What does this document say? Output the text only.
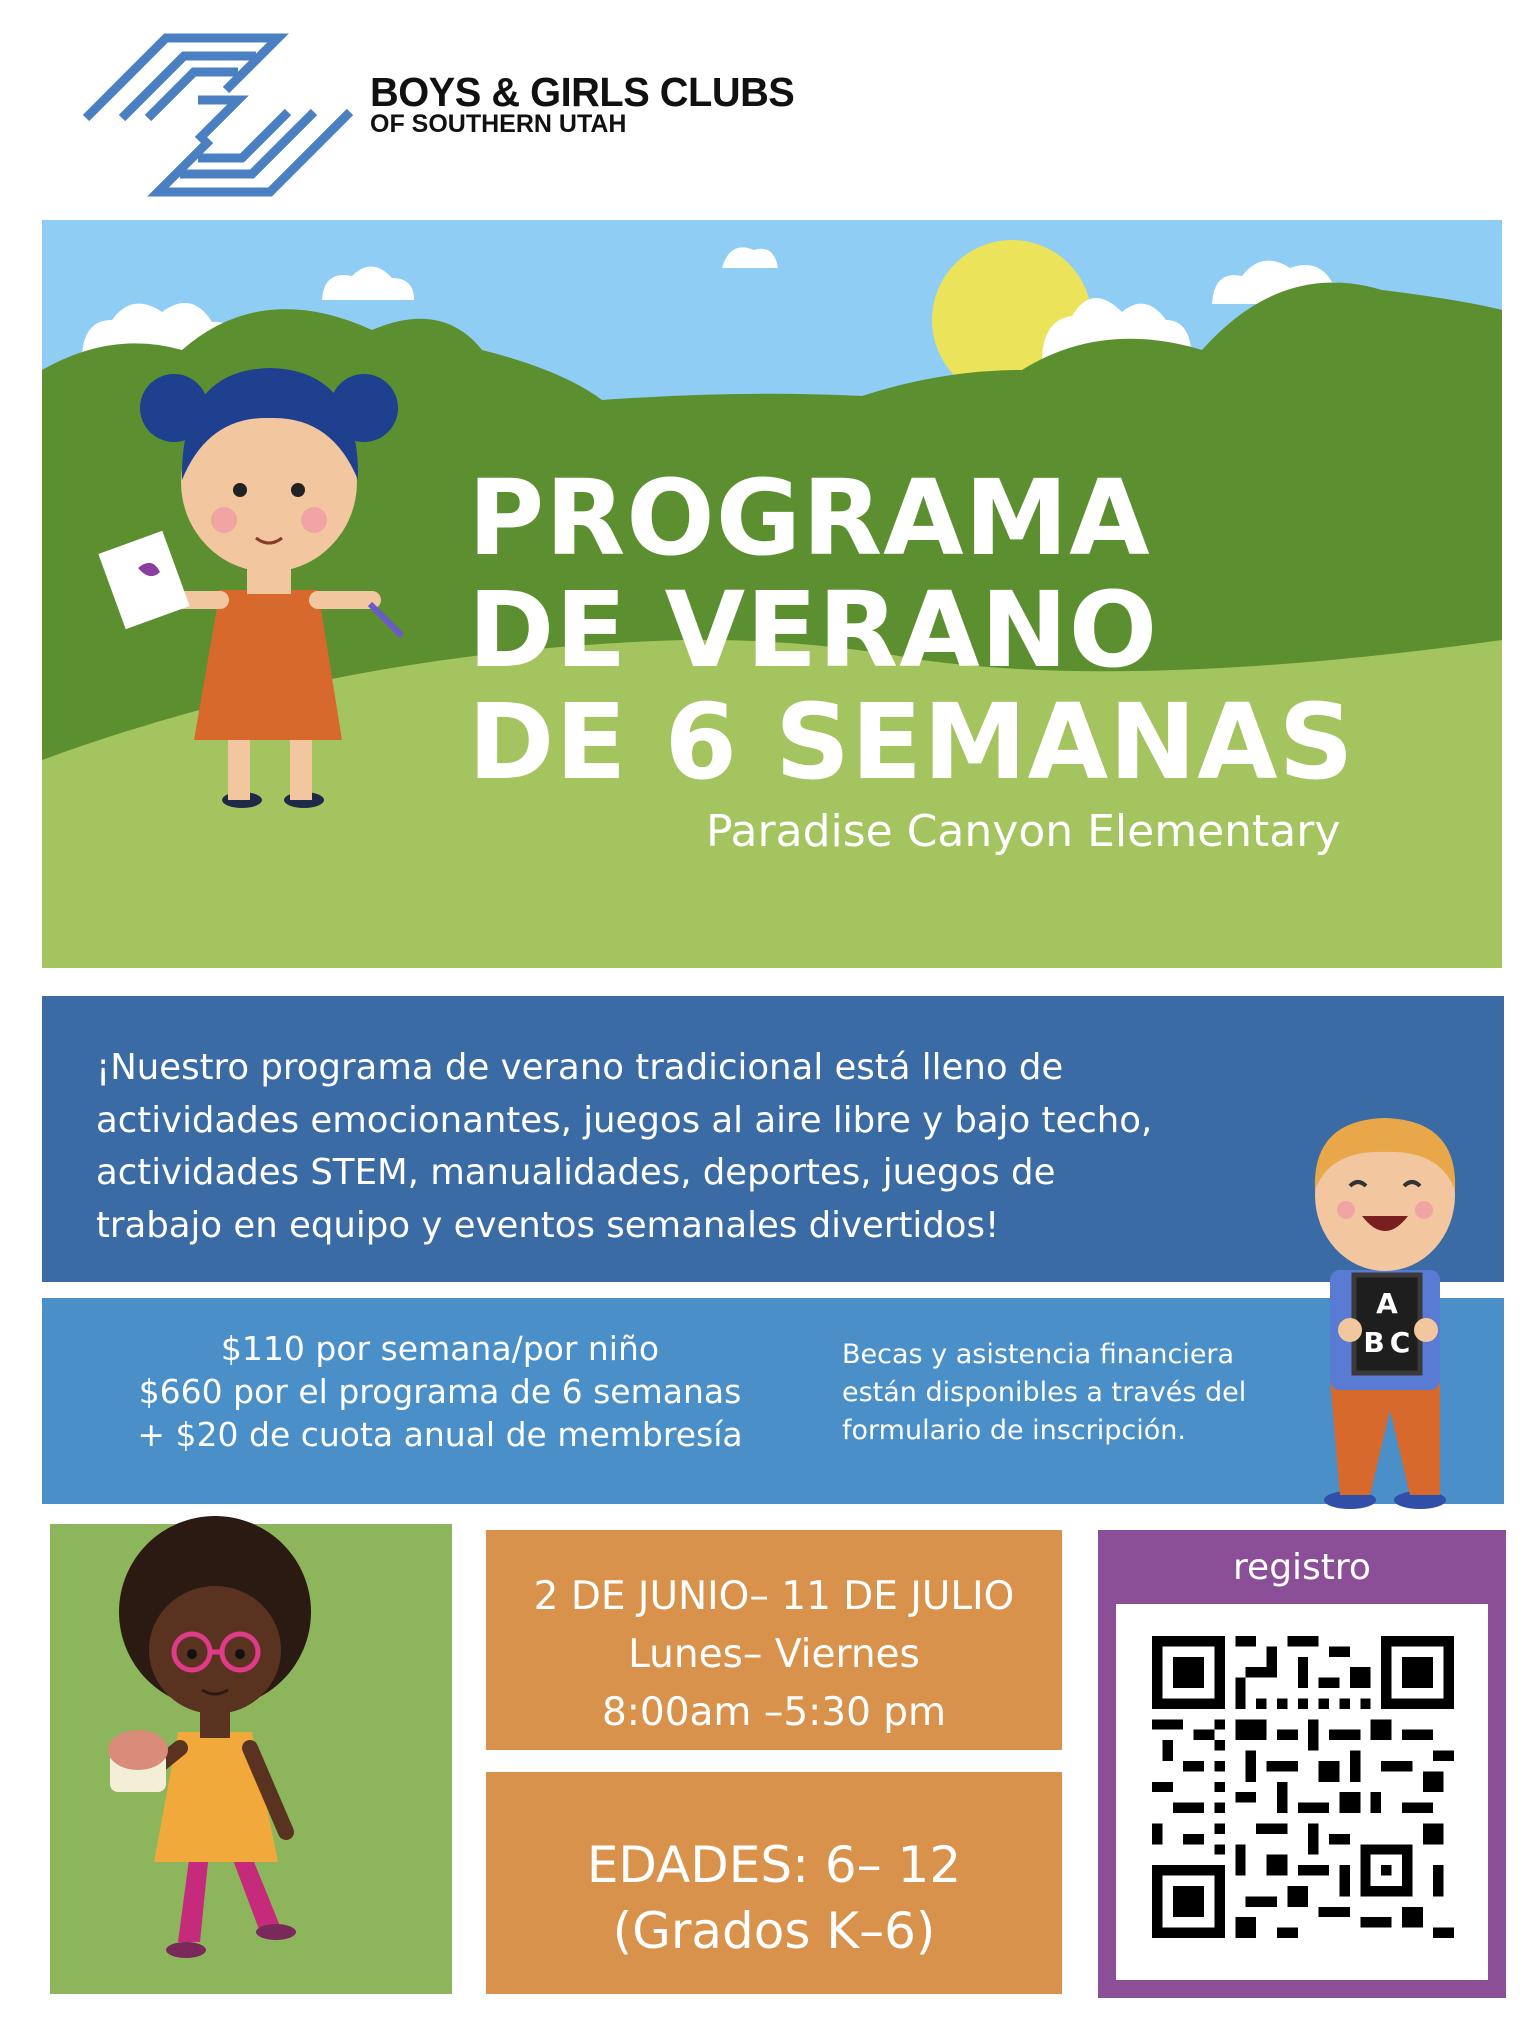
BOYS & GIRLS CLUBS
OF SOUTHERN UTAH
PROGRAMA
DE VERANO
DE 6 SEMANAS
Paradise Canyon Elementary
¡Nuestro programa de verano tradicional está lleno de
actividades emocionantes, juegos al aire libre y bajo techo,
actividades STEM, manualidades, deportes, juegos de
trabajo en equipo y eventos semanales divertidos!
$110 por semana/por niño
$660 por el programa de 6 semanas
+ $20 de cuota anual de membresía
Becas y asistencia financiera
están disponibles a través del
formulario de inscripción.
A
B C
2 DE JUNIO– 11 DE JULIO
Lunes– Viernes
8:00am –5:30 pm
EDADES: 6– 12
(Grados K–6)
registro
